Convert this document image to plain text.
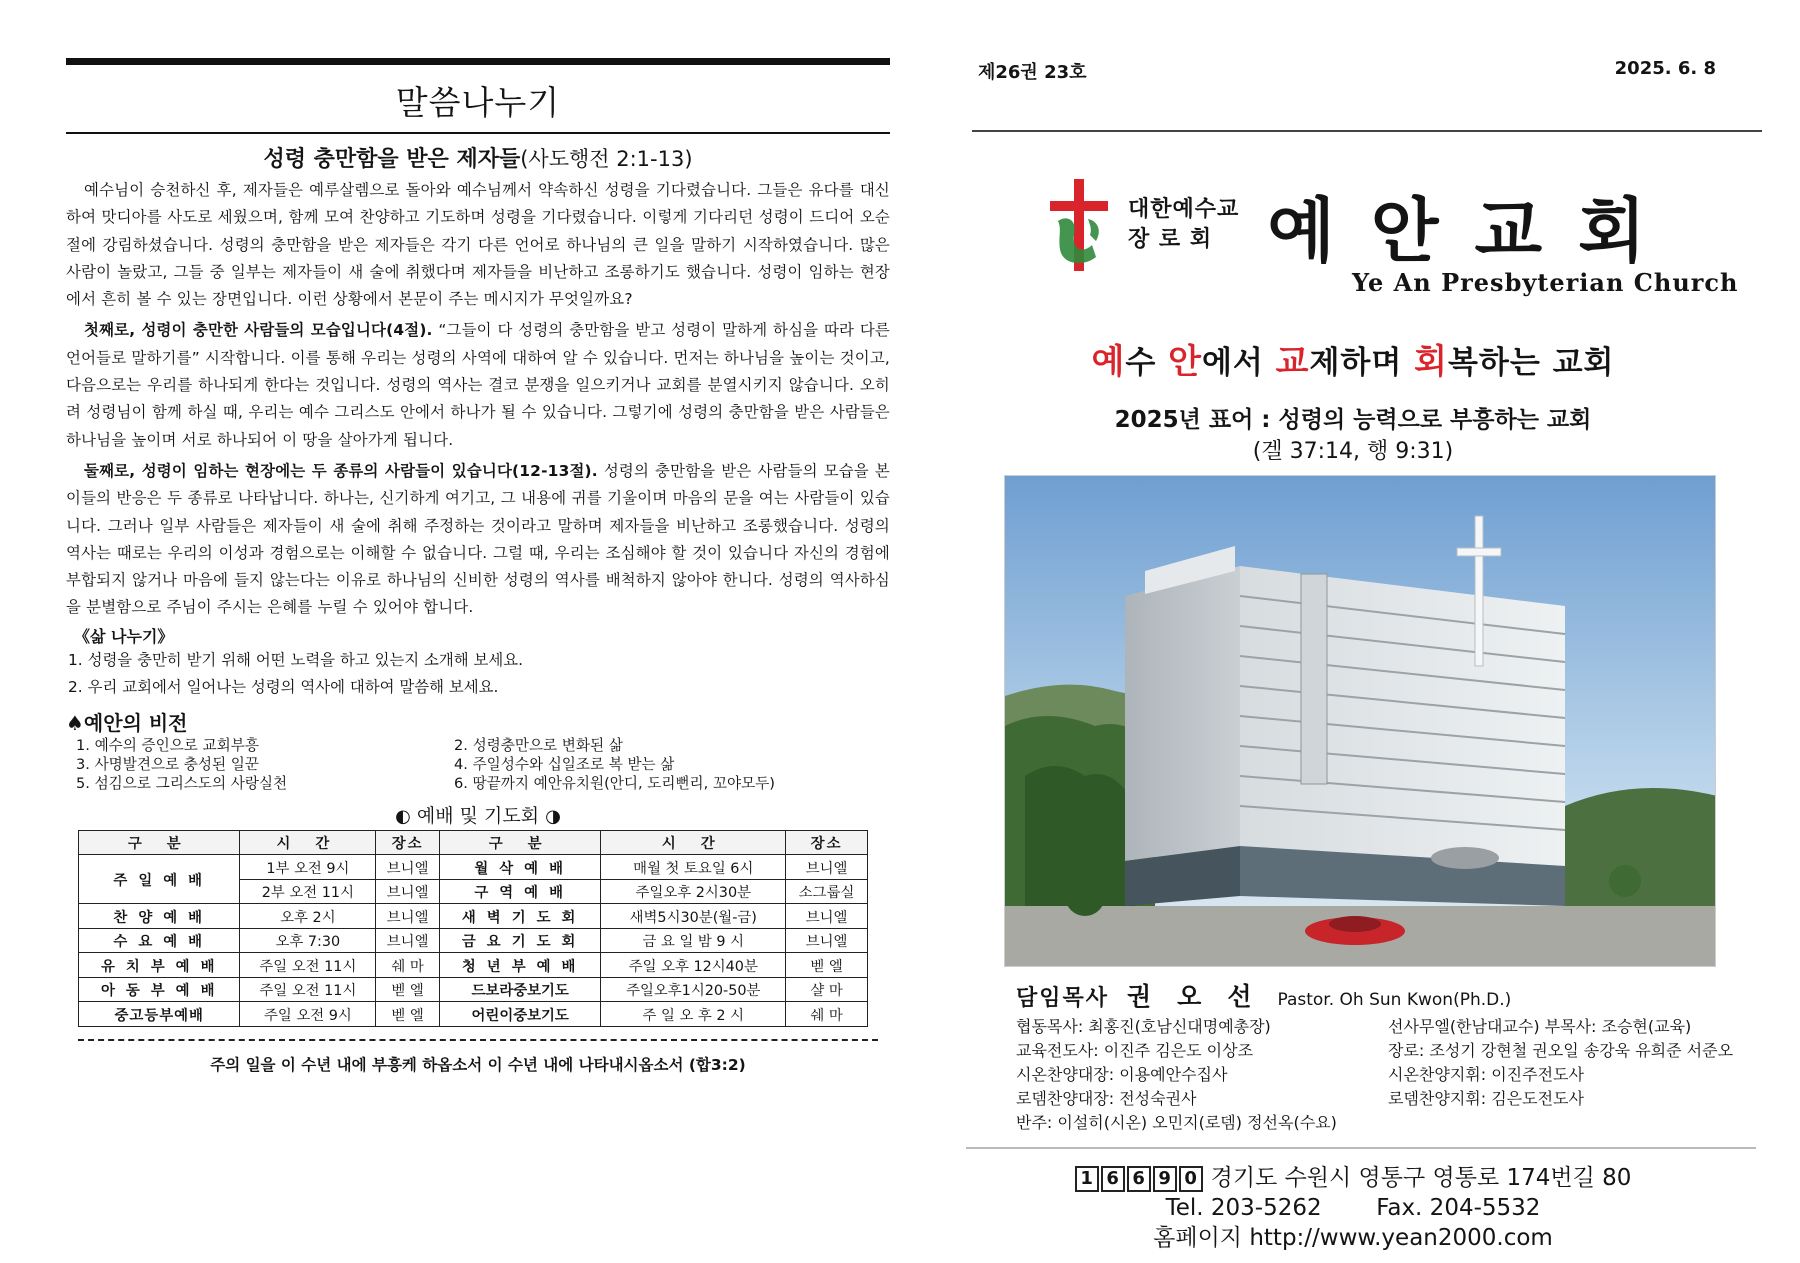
말씀나누기
성령 충만함을 받은 제자들(사도행전 2:1-13)

예수님이 승천하신 후, 제자들은 예루살렘으로 돌아와 예수님께서 약속하신 성령을 기다렸습니다. 그들은 유다를 대신하여 맛디아를 사도로 세웠으며, 함께 모여 찬양하고 기도하며 성령을 기다렸습니다. 이렇게 기다리던 성령이 드디어 오순절에 강림하셨습니다. 성령의 충만함을 받은 제자들은 각기 다른 언어로 하나님의 큰 일을 말하기 시작하였습니다. 많은 사람이 놀랐고, 그들 중 일부는 제자들이 새 술에 취했다며 제자들을 비난하고 조롱하기도 했습니다. 성령이 임하는 현장에서 흔히 볼 수 있는 장면입니다. 이런 상황에서 본문이 주는 메시지가 무엇일까요?

첫째로, 성령이 충만한 사람들의 모습입니다(4절). “그들이 다 성령의 충만함을 받고 성령이 말하게 하심을 따라 다른 언어들로 말하기를” 시작합니다. 이를 통해 우리는 성령의 사역에 대하여 알 수 있습니다. 먼저는 하나님을 높이는 것이고, 다음으로는 우리를 하나되게 한다는 것입니다. 성령의 역사는 결코 분쟁을 일으키거나 교회를 분열시키지 않습니다. 오히려 성령님이 함께 하실 때, 우리는 예수 그리스도 안에서 하나가 될 수 있습니다. 그렇기에 성령의 충만함을 받은 사람들은 하나님을 높이며 서로 하나되어 이 땅을 살아가게 됩니다.

둘째로, 성령이 임하는 현장에는 두 종류의 사람들이 있습니다(12-13절). 성령의 충만함을 받은 사람들의 모습을 본 이들의 반응은 두 종류로 나타납니다. 하나는, 신기하게 여기고, 그 내용에 귀를 기울이며 마음의 문을 여는 사람들이 있습니다. 그러나 일부 사람들은 제자들이 새 술에 취해 주정하는 것이라고 말하며 제자들을 비난하고 조롱했습니다. 성령의 역사는 때로는 우리의 이성과 경험으로는 이해할 수 없습니다. 그럴 때, 우리는 조심해야 할 것이 있습니다 자신의 경험에 부합되지 않거나 마음에 들지 않는다는 이유로 하나님의 신비한 성령의 역사를 배척하지 않아야 한니다. 성령의 역사하심을 분별함으로 주님이 주시는 은혜를 누릴 수 있어야 합니다.

《삶 나누기》
1. 성령을 충만히 받기 위해 어떤 노력을 하고 있는지 소개해 보세요.
2. 우리 교회에서 일어나는 성령의 역사에 대하여 말씀해 보세요.
♠예안의 비전
1. 예수의 증인으로 교회부흥	2. 성령충만으로 변화된 삶
3. 사명발견으로 충성된 일꾼	4. 주일성수와 십일조로 복 받는 삶
5. 섬김으로 그리스도의 사랑실천	6. 땅끝까지 예안유치원(안디, 도리뻔리, 꼬야모두)
◐ 예배 및 기도회 ◑
구 분	시 간	장소	구 분	시 간	장소
주 일 예 배	1부 오전 9시	브니엘	월 삭 예 배	매월 첫 토요일 6시	브니엘
	2부 오전 11시	브니엘	구 역 예 배	주일오후 2시30분	소그룹실
찬 양 예 배	오후 2시	브니엘	새 벽 기 도 회	새벽5시30분(월-금)	브니엘
수 요 예 배	오후 7:30	브니엘	금 요 기 도 회	금 요 일 밤 9 시	브니엘
유 치 부 예 배	주일 오전 11시	쉐 마	청 년 부 예 배	주일 오후 12시40분	벧 엘
아 동 부 예 배	주일 오전 11시	벧 엘	드보라중보기도	주일오후1시20-50분	샬 마
중고등부예배	주일 오전 9시	벧 엘	어린이중보기도	주 일 오 후 2 시	쉐 마
주의 일을 이 수년 내에 부흥케 하옵소서 이 수년 내에 나타내시옵소서 (합3:2)
제26권 23호	2025. 6. 8
대한예수교
장 로 회 예안교회
Ye An Presbyterian Church
예수 안에서 교제하며 회복하는 교회
2025년 표어 : 성령의 능력으로 부흥하는 교회
(겔 37:14, 행 9:31)
담임목사 권오선 Pastor. Oh Sun Kwon(Ph.D.)
협동목사: 최홍진(호남신대명예총장)	선사무엘(한남대교수) 부목사: 조승현(교육)
교육전도사: 이진주 김은도 이상조	장로: 조성기 강현철 권오일 송강욱 유희준 서준오
시온찬양대장: 이용예안수집사	시온찬양지휘: 이진주전도사
로뎀찬양대장: 전성숙권사	로뎀찬양지휘: 김은도전도사
반주: 이설히(시온) 오민지(로뎀) 정선옥(수요)
1 6 6 9 0 경기도 수원시 영통구 영통로 174번길 80
Tel. 203-5262 Fax. 204-5532
홈페이지 http://www.yean2000.com
